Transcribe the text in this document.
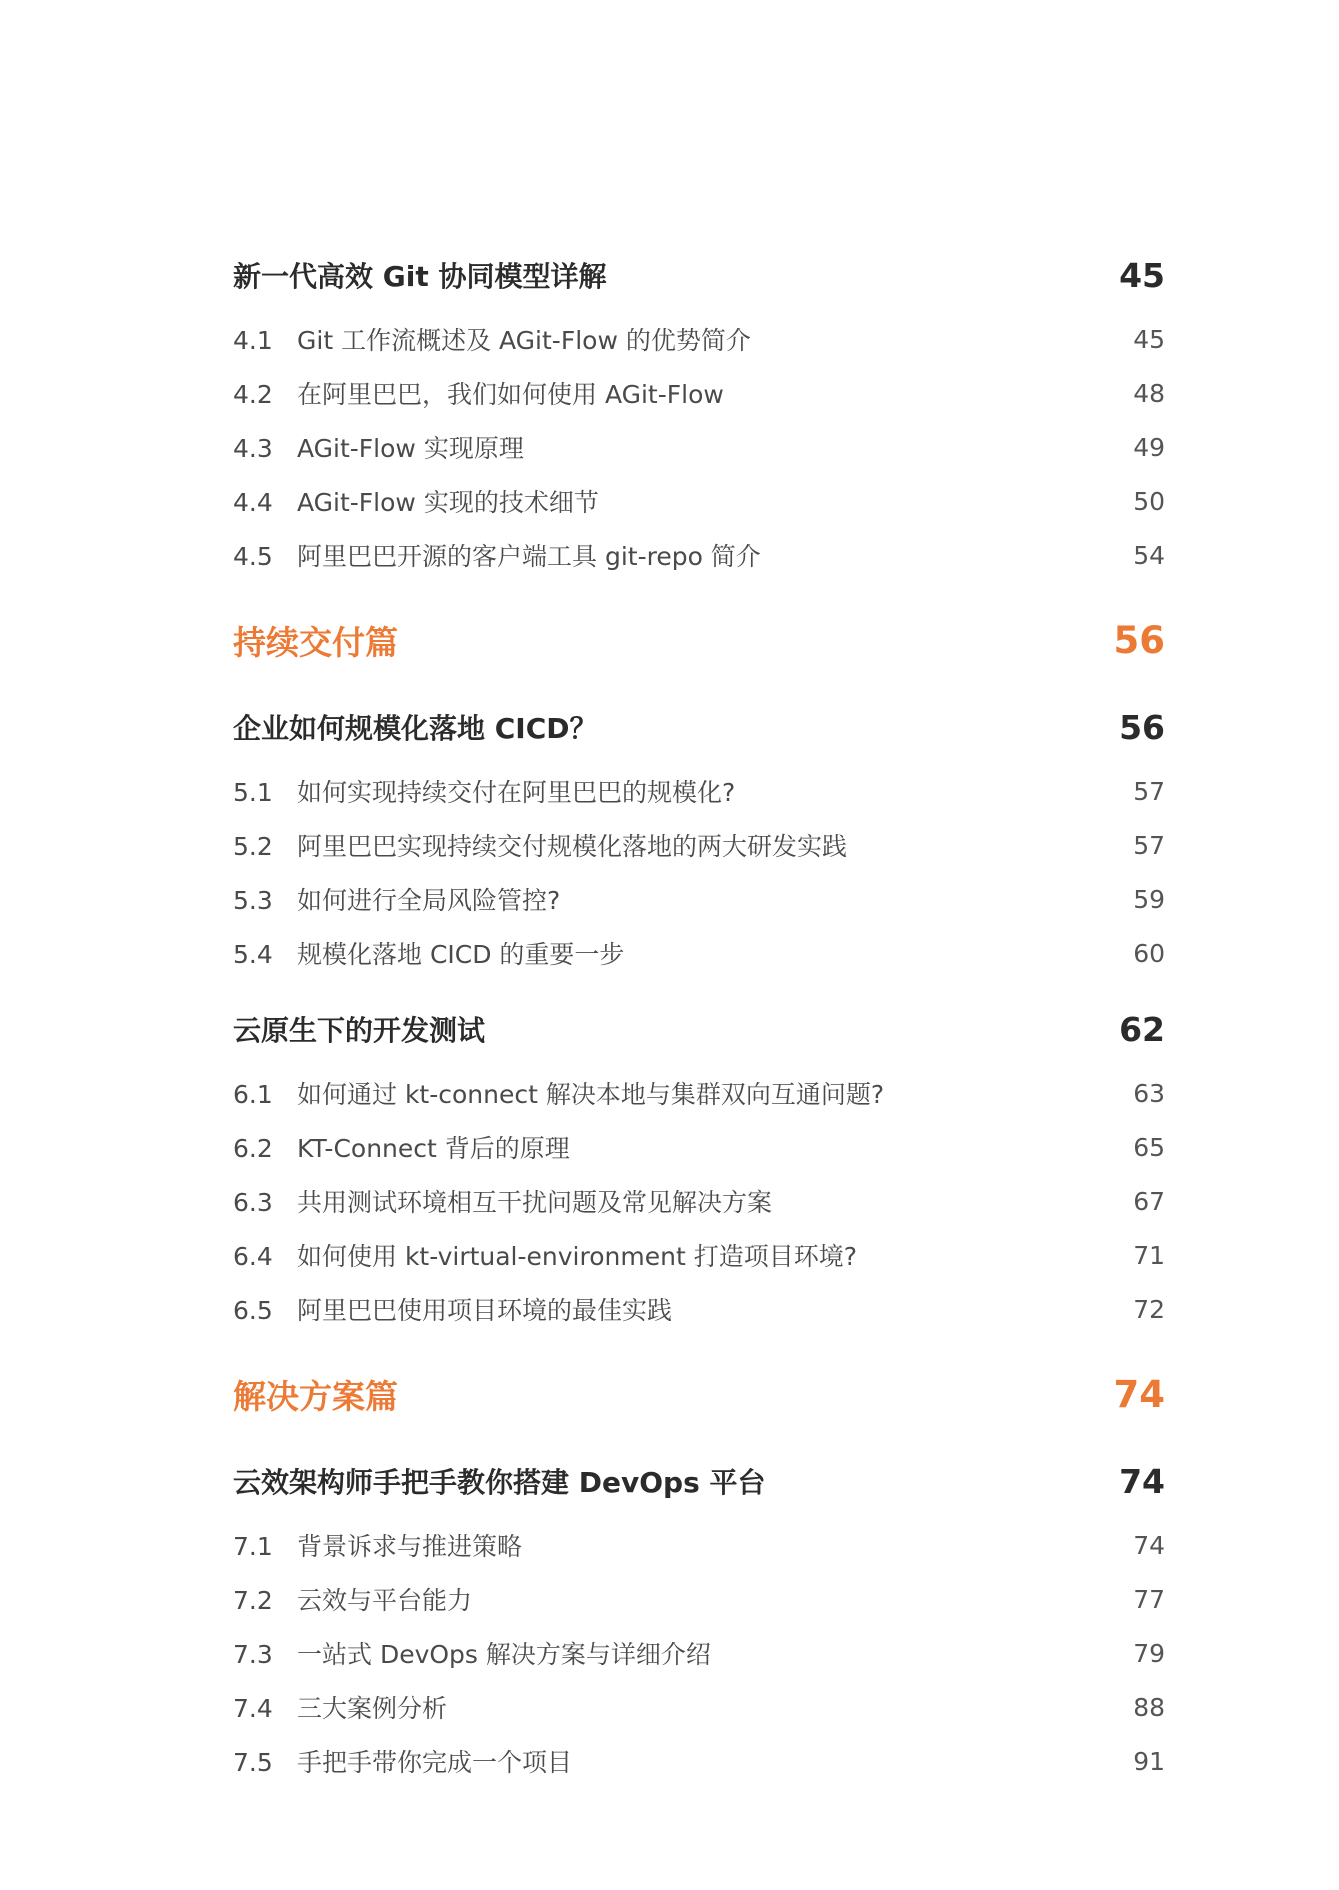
新一代高效 Git 协同模型详解	45
4.1 Git 工作流概述及 AGit-Flow 的优势简介	45
4.2 在阿里巴巴，我们如何使用 AGit-Flow	48
4.3 AGit-Flow 实现原理	49
4.4 AGit-Flow 实现的技术细节	50
4.5 阿里巴巴开源的客户端工具 git-repo 简介	54
持续交付篇	56
企业如何规模化落地 CICD？	56
5.1 如何实现持续交付在阿里巴巴的规模化?	57
5.2 阿里巴巴实现持续交付规模化落地的两大研发实践	57
5.3 如何进行全局风险管控?	59
5.4 规模化落地 CICD 的重要一步	60
云原生下的开发测试	62
6.1 如何通过 kt-connect 解决本地与集群双向互通问题?	63
6.2 KT-Connect 背后的原理	65
6.3 共用测试环境相互干扰问题及常见解决方案	67
6.4 如何使用 kt-virtual-environment 打造项目环境?	71
6.5 阿里巴巴使用项目环境的最佳实践	72
解决方案篇	74
云效架构师手把手教你搭建 DevOps 平台	74
7.1 背景诉求与推进策略	74
7.2 云效与平台能力	77
7.3 一站式 DevOps 解决方案与详细介绍	79
7.4 三大案例分析	88
7.5 手把手带你完成一个项目	91
